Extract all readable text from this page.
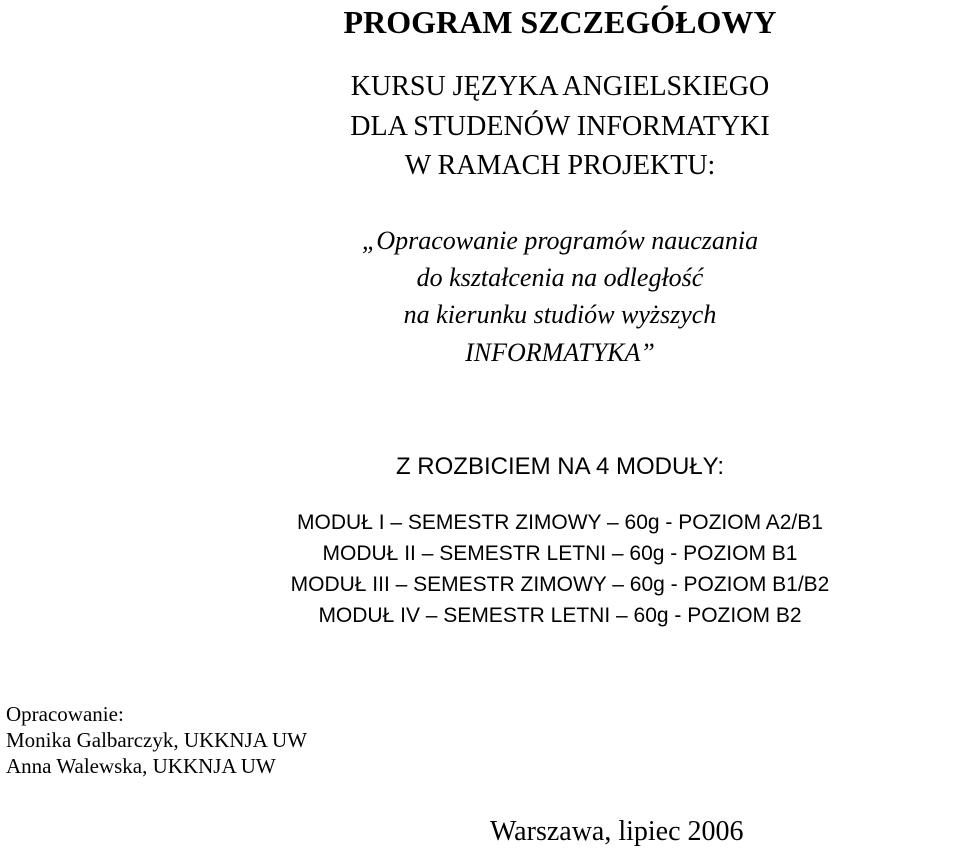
PROGRAM SZCZEGÓŁOWY
KURSU JĘZYKA ANGIELSKIEGO
DLA STUDENÓW INFORMATYKI
W RAMACH PROJEKTU:
„Opracowanie programów nauczania
do kształcenia na odległość
na kierunku studiów wyższych
INFORMATYKA”
Z ROZBICIEM NA 4 MODUŁY:
MODUŁ I – SEMESTR ZIMOWY – 60g - POZIOM A2/B1
MODUŁ II – SEMESTR LETNI – 60g - POZIOM B1
MODUŁ III – SEMESTR ZIMOWY – 60g - POZIOM B1/B2
MODUŁ IV – SEMESTR LETNI – 60g - POZIOM B2
Opracowanie:
Monika Galbarczyk, UKKNJA UW
Anna Walewska, UKKNJA UW
Warszawa, lipiec 2006
